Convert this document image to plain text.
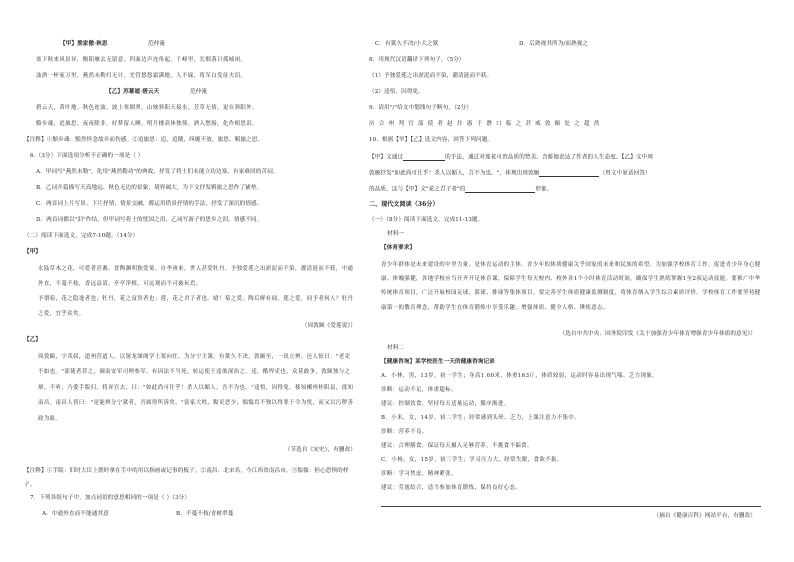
【甲】渔家傲·秋思	范仲淹
塞下秋来风景异，衡阳雁去无留意。四面边声连角起，千嶂里，长烟落日孤城闭。
浊酒一杯家万里，燕然未勒归无计。羌管悠悠霜满地，人不寐，将军白发征夫泪。
【乙】苏幕遮·碧云天	范仲淹
碧云天，黄叶地。秋色连波，波上寒烟翠。山映斜阳天接水。芳草无情，更在斜阳外。
黯乡魂，追旅思。夜夜除非，好梦留人睡。明月楼高休独倚。酒入愁肠，化作相思泪。
【注释】①黯乡魂：黯然怀念故乡而伤感。②追旅思：追，追随，纠缠不放。旅思，羁旅之思。
6.（3分）下面选项分析不正确的一项是（ ）
A．甲词写"燕然未勒"，化用"燕然勒功"的典故，抒发了将士们未能立功边塞、有家难回的苦闷。
B．乙词开篇描写天高地远、秋色无边的景象，境界阔大，为下文抒发羁旅之思作了铺垫。
C．两首词上片写景、下片抒情，情景交融，都运用借景抒情的手法，抒发了深沉的情感。
D．两首词都以"泪"作结，但甲词写将士的忧国之泪，乙词写游子的思乡之泪，情感不同。
（二）阅读下面选文，完成7-10题。（14分）
【甲】
水陆草木之花，可爱者甚蕃。晋陶渊明独爱菊。自李唐来，世人甚爱牡丹。予独爱莲之出淤泥而不染，濯清涟而不妖，中通外直，不蔓不枝，香远益清，亭亭净植，可远观而不可亵玩焉。
予谓菊，花之隐逸者也；牡丹，花之富贵者也；莲，花之君子者也。噫！菊之爱，陶后鲜有闻。莲之爱，同予者何人？牡丹之爱，宜乎众矣。
（周敦颐《爱莲说》）
【乙】
周敦颐，字茂叔，道州营道人。以舅龙图阁学士郑向任，为分宁主簿。有狱久不决，敦颐至，一讯立辨。邑人惊曰："老吏不如也。"部使者荐之，调南安军司理参军。有囚法不当死，转运使王逵欲深治之。逵，酷悍吏也，众莫敢争，敦颐独与之辩，不听，乃委手版归，将弃官去，曰："如此尚可仕乎！杀人以媚人，吾不为也。"逵悟，囚得免。移知郴州桂阳县，徙知南昌。南昌人皆曰："是能辨分宁狱者，吾属得所诉矣。"富家大姓、黠吏恶少，惴惴焉不独以得罪于令为忧，而又以污秽善政为耻。
（节选自《宋史》，有删改）
【注释】①手版：旧时大臣上朝时拿在手中的用以指画或记事的板子。②南昌：北宋名，今江西省南昌市。③惴惴：担心恐惧的样子。
7．下列各组句子中，加点词语的意思相同的一项是（ ）（3分）
A．中通外直而不能通其意	B．不蔓不枝/青树翠蔓
C．有狱久不决/小大之狱	D．后熟视其所为/而熟视之
8．用现代汉语翻译下列句子。（5分）
（1）予独爱莲之出淤泥而不染，濯清涟而不妖。
（2）逵悟，囚得免。
9．请用"/"给文中划线句子断句。（2分）
历 合 州 判 官 部 使 者 赵 抃 惑 于 谮 口 临 之 甚 威 敦 颐 处 之 超 然
10．根据【甲】【乙】选文内容，回答下列问题。
【甲】文通过	的手法，通过对莲花可贵品质的赞美，含蓄地表达了作者的人生态度。【乙】文中周
敦颐抒发"如此尚可仕乎！杀人以媚人，吾不为也。"，体现出周敦颐	（用文中原话回答）
的品质，这与【甲】文"花之君子者"的	形象。
二、现代文阅读（36分）
（一）（8分）阅读下面选文，完成11-13题。
材料一
【体育要求】
青少年群体是未来建设的中坚力量，是体育运动的主体。青少年的体质健康关乎国家的未来和民族的希望。为加强学校体育工作，促进青少年身心健康、体魄强健，各地学校应当开齐开足体育课，保障学生每天校内、校外各1个小时体育活动时间，确保学生熟练掌握1至2项运动技能。要推广中华传统体育项目，广泛开展校园足球、篮球、排球等集体项目。要完善学生体质健康监测制度，将体育纳入学生综合素质评价。学校体育工作要坚持健康第一的教育理念，帮助学生在体育锻炼中享受乐趣、增强体质、健全人格、锤炼意志。
（选自中共中央、国务院印发《关于加强青少年体育增强青少年体质的意见》）
材料二
【健康咨询】某学校医生一天的健康咨询记录
A．小林，男，13岁，初一学生；身高1.60米，体重163斤，体质较弱，运动时容易出现气喘、乏力现象。
诊断：运动不足，体重超标。
建议：控制饮食，坚持每天适量运动，循序渐进。
B．小米，女，14岁，初二学生；经常感到头晕、乏力，上课注意力不集中。
诊断：营养不良。
建议：合理膳食，保证每天摄入足够营养，不挑食不偏食。
C．小杨，女，15岁，初三学生；学习压力大，经常失眠，食欲不振。
诊断：学习焦虑，精神紧张。
建议：劳逸结合，适当参加体育锻炼，保持良好心态。
（摘自《健康百科》网站平台，有删改）
